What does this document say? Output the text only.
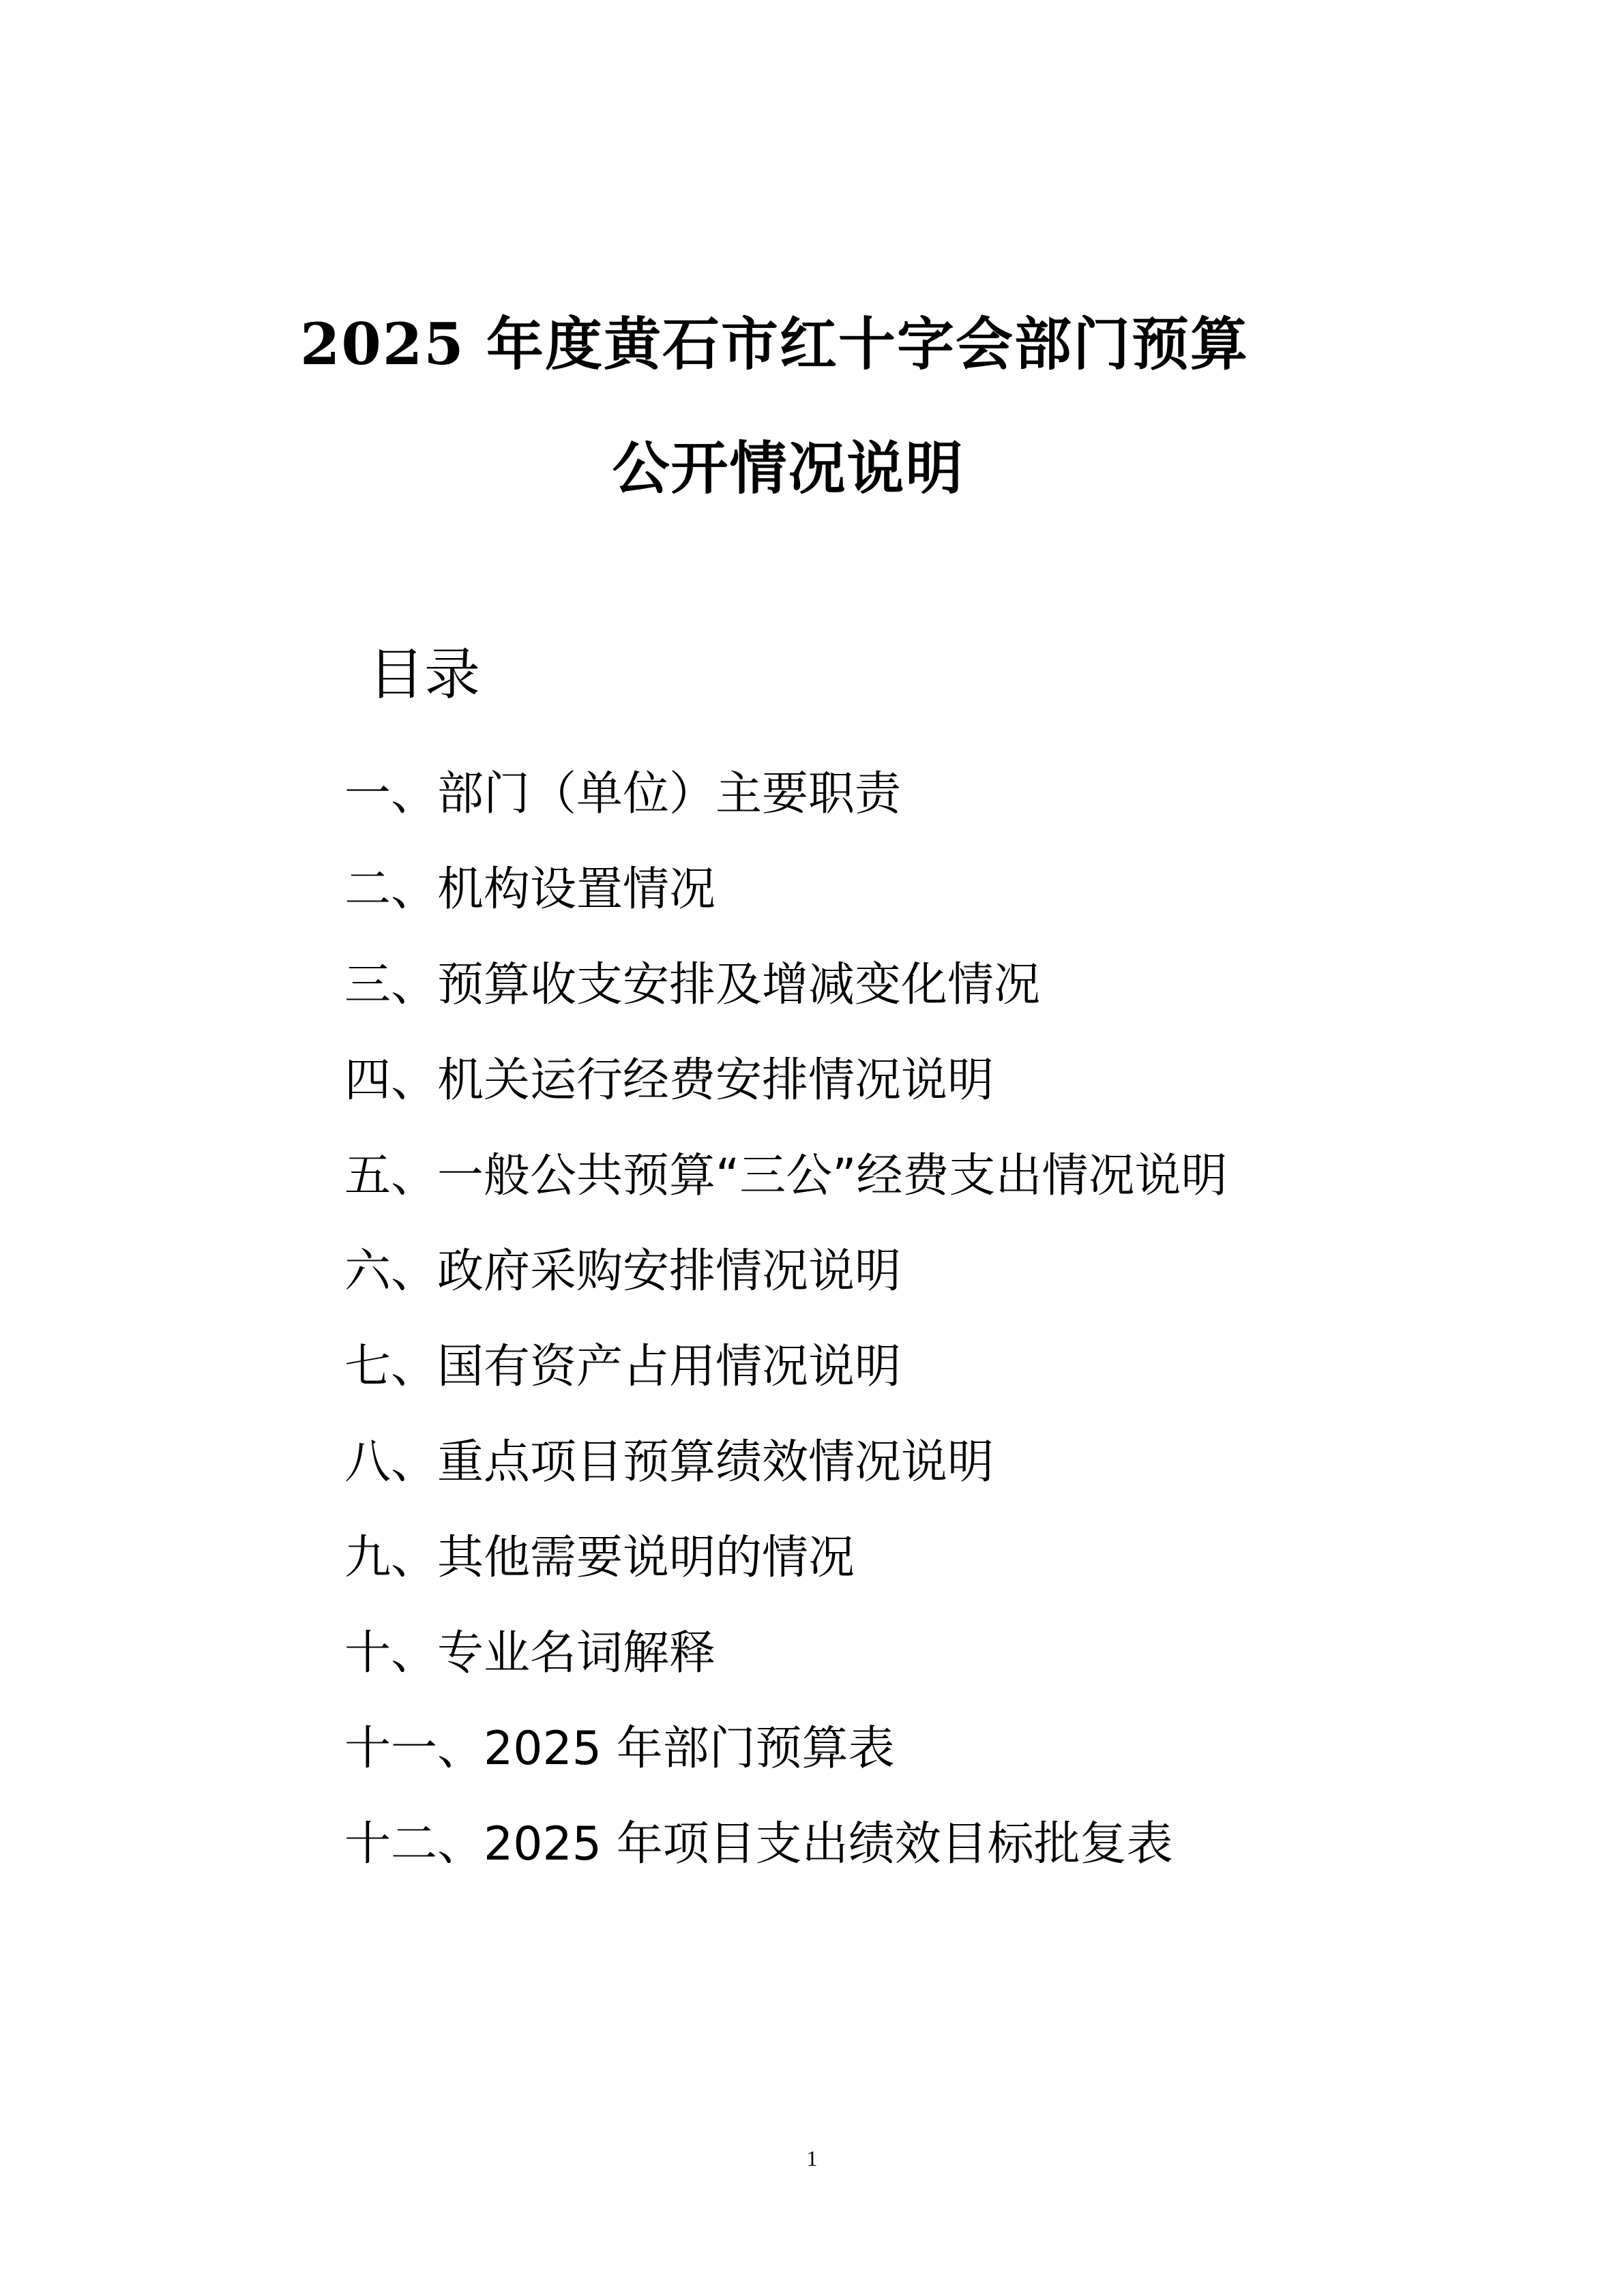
2025 年度黄石市红十字会部门预算
公开情况说明
目录
一、部门（单位）主要职责
二、机构设置情况
三、预算收支安排及增减变化情况
四、机关运行经费安排情况说明
五、一般公共预算“三公”经费支出情况说明
六、政府采购安排情况说明
七、国有资产占用情况说明
八、重点项目预算绩效情况说明
九、其他需要说明的情况
十、专业名词解释
十一、2025 年部门预算表
十二、2025 年项目支出绩效目标批复表
1
